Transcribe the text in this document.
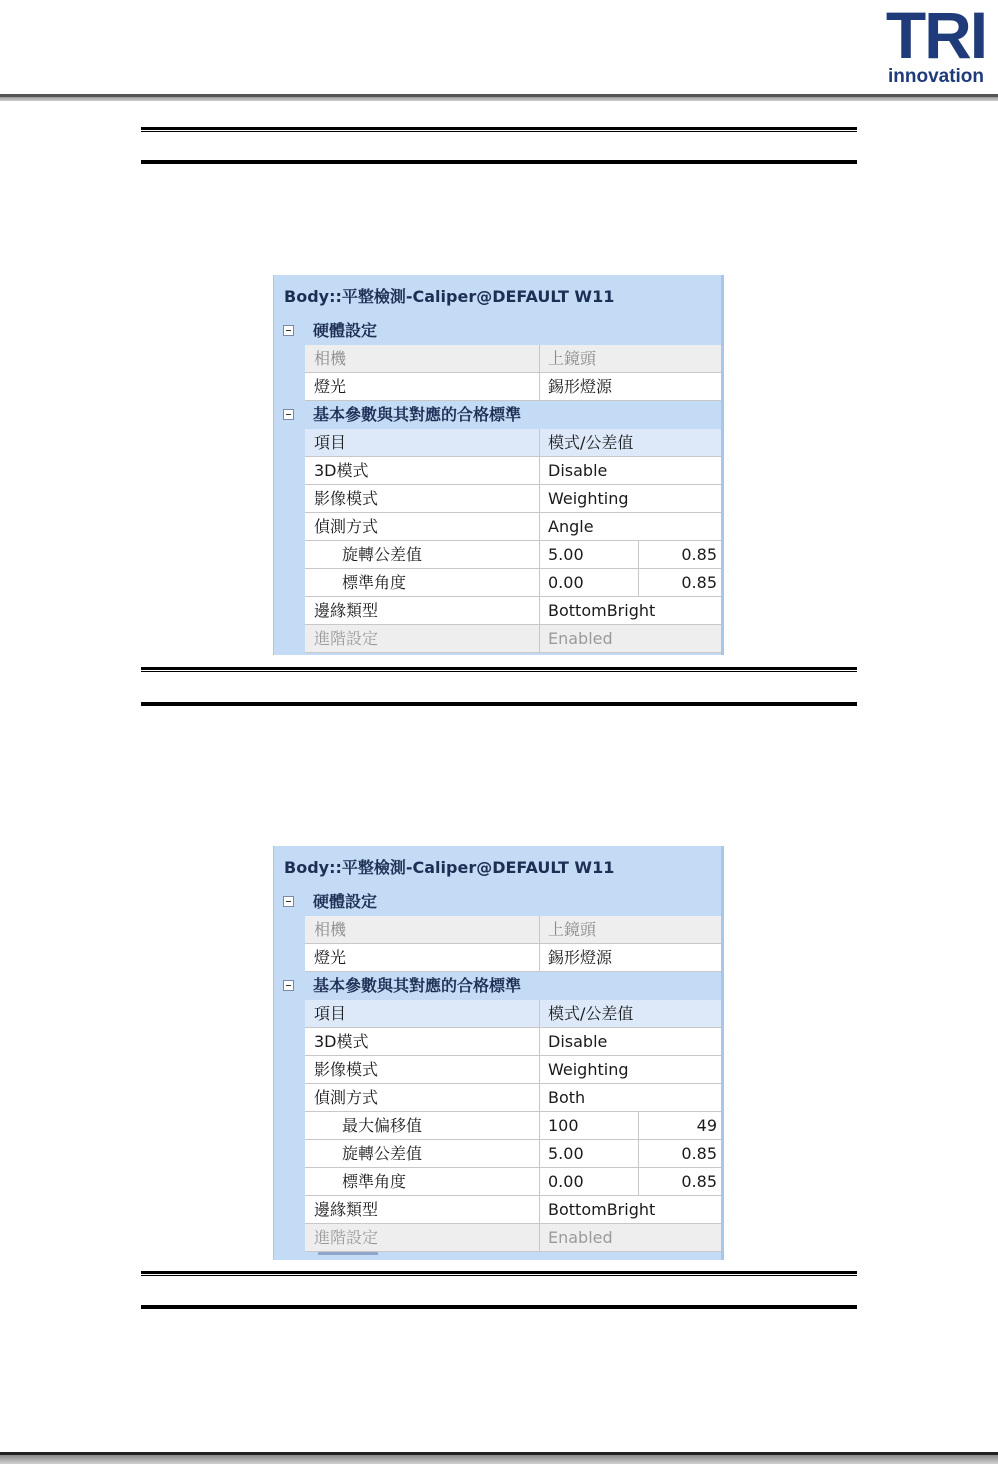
TRI
innovation
Body::平整檢測-Caliper@DEFAULT W11
硬體設定
相機	上鏡頭
燈光	錫形燈源
基本參數與其對應的合格標準
項目	模式/公差值
3D模式	Disable
影像模式	Weighting
偵測方式	Angle
旋轉公差值	5.00	0.85
標準角度	0.00	0.85
邊緣類型	BottomBright
進階設定	Enabled
Body::平整檢測-Caliper@DEFAULT W11
硬體設定
相機	上鏡頭
燈光	錫形燈源
基本參數與其對應的合格標準
項目	模式/公差值
3D模式	Disable
影像模式	Weighting
偵測方式	Both
最大偏移值	100	49
旋轉公差值	5.00	0.85
標準角度	0.00	0.85
邊緣類型	BottomBright
進階設定	Enabled
